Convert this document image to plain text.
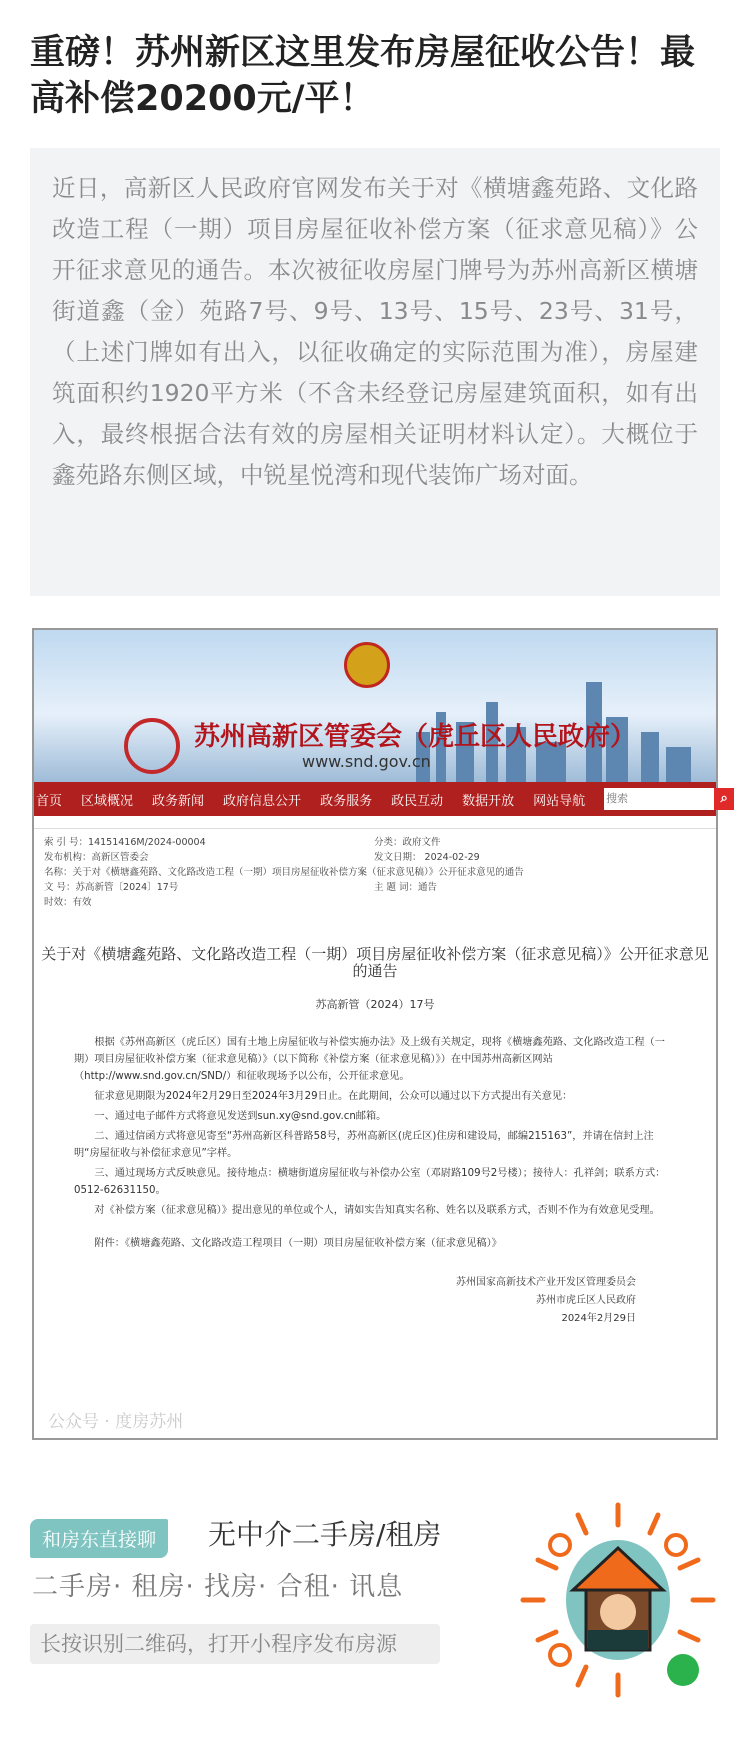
重磅！苏州新区这里发布房屋征收公告！最高补偿20200元/平！
近日，高新区人民政府官网发布关于对《横塘鑫苑路、文化路改造工程（一期）项目房屋征收补偿方案（征求意见稿）》公开征求意见的通告。本次被征收房屋门牌号为苏州高新区横塘街道鑫（金）苑路7号、9号、13号、15号、23号、31号，（上述门牌如有出入，以征收确定的实际范围为准），房屋建筑面积约1920平方米（不含未经登记房屋建筑面积，如有出入，最终根据合法有效的房屋相关证明材料认定）。大概位于鑫苑路东侧区域，中锐星悦湾和现代装饰广场对面。
苏州高新区管委会（虎丘区人民政府）
www.snd.gov.cn
首页 区域概况 政务新闻 政府信息公开 政务服务 政民互动 数据开放 网站导航
搜索	⌕
索 引 号：14151416M/2024-00004	分类：政府文件
发布机构：高新区管委会	发文日期： 2024-02-29
名称：关于对《横塘鑫苑路、文化路改造工程（一期）项目房屋征收补偿方案（征求意见稿）》公开征求意见的通告
文 号：苏高新管〔2024〕17号	主 题 词：通告
时效：有效
关于对《横塘鑫苑路、文化路改造工程（一期）项目房屋征收补偿方案（征求意见稿）》公开征求意见的通告
苏高新管（2024）17号

根据《苏州高新区（虎丘区）国有土地上房屋征收与补偿实施办法》及上级有关规定，现将《横塘鑫苑路、文化路改造工程（一期）项目房屋征收补偿方案（征求意见稿）》（以下简称《补偿方案（征求意见稿）》）在中国苏州高新区网站（http://www.snd.gov.cn/SND/）和征收现场予以公布，公开征求意见。

征求意见期限为2024年2月29日至2024年3月29日止。在此期间，公众可以通过以下方式提出有关意见：

一、通过电子邮件方式将意见发送到sun.xy@snd.gov.cn邮箱。

二、通过信函方式将意见寄至“苏州高新区科普路58号，苏州高新区(虎丘区)住房和建设局，邮编215163”，并请在信封上注明“房屋征收与补偿征求意见”字样。

三、通过现场方式反映意见。接待地点：横塘街道房屋征收与补偿办公室（邓尉路109号2号楼）；接待人：孔祥剑；联系方式：0512-62631150。

对《补偿方案（征求意见稿）》提出意见的单位或个人，请如实告知真实名称、姓名以及联系方式，否则不作为有效意见受理。

附件：《横塘鑫苑路、文化路改造工程项目（一期）项目房屋征收补偿方案（征求意见稿）》

苏州国家高新技术产业开发区管理委员会
苏州市虎丘区人民政府
2024年2月29日
公众号 · 度房苏州
和房东直接聊	无中介二手房/租房
二手房· 租房· 找房· 合租· 讯息
长按识别二维码，打开小程序发布房源
